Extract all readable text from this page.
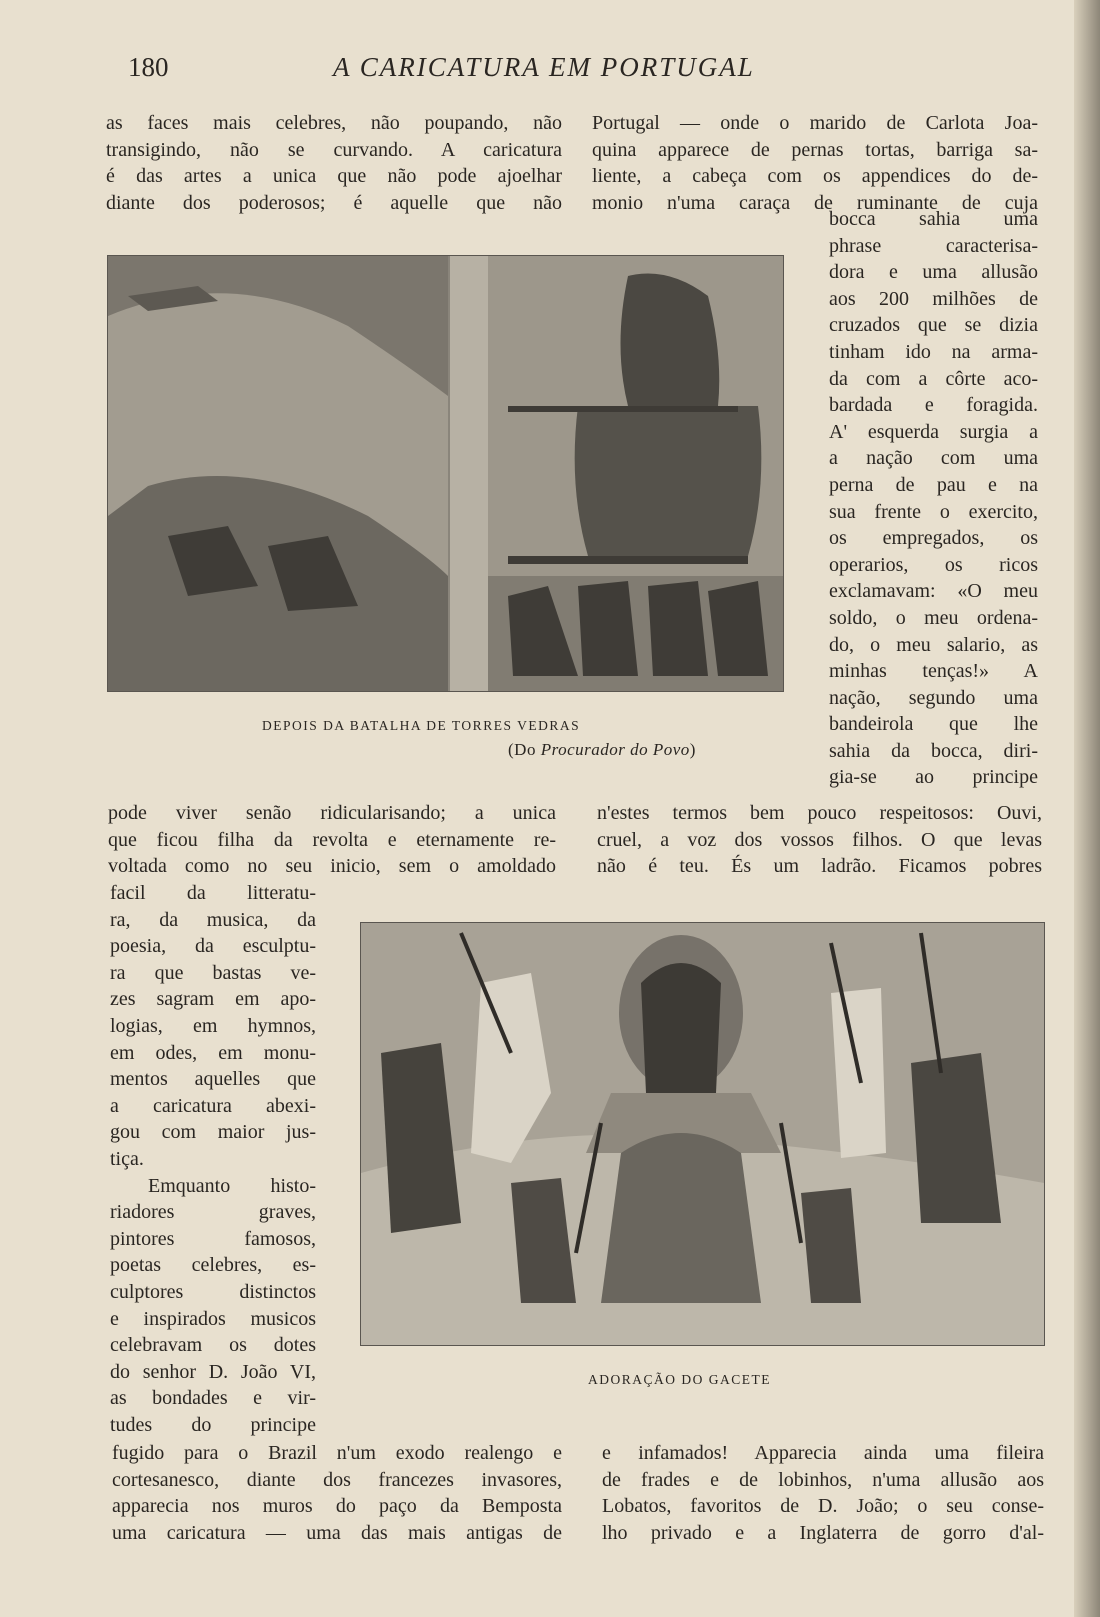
180	A CARICATURA EM PORTUGAL
as faces mais celebres, não poupando, não
transigindo, não se curvando. A caricatura
é das artes a unica que não pode ajoelhar
diante dos poderosos; é aquelle que não
Portugal — onde o marido de Carlota Joa-
quina apparece de pernas tortas, barriga sa-
liente, a cabeça com os appendices do de-
monio n'uma caraça de ruminante de cuja
bocca sahia uma
phrase caracterisa-
dora e uma allusão
aos 200 milhões de
cruzados que se dizia
tinham ido na arma-
da com a côrte aco-
bardada e foragida.
A' esquerda surgia a
a nação com uma
perna de pau e na
sua frente o exercito,
os empregados, os
operarios, os ricos
exclamavam: «O meu
soldo, o meu ordena-
do, o meu salario, as
minhas tenças!» A
nação, segundo uma
bandeirola que lhe
sahia da bocca, diri-
gia-se ao principe

DEPOIS DA BATALHA DE TORRES VEDRAS

(Do Procurador do Povo)

pode viver senão ridicularisando; a unica
que ficou filha da revolta e eternamente re-
voltada como no seu inicio, sem o amoldado
n'estes termos bem pouco respeitosos: Ouvi,
cruel, a voz dos vossos filhos. O que levas
não é teu. És um ladrão. Ficamos pobres
facil da litteratu-
ra, da musica, da
poesia, da esculptu-
ra que bastas ve-
zes sagram em apo-
logias, em hymnos,
em odes, em monu-
mentos aquelles que
a caricatura abexi-
gou com maior jus-
tiça.
Emquanto histo-
riadores graves,
pintores famosos,
poetas celebres, es-
culptores distinctos
e inspirados musicos
celebravam os dotes
do senhor D. João VI,
as bondades e vir-
tudes do principe

ADORAÇÃO DO GACETE

fugido para o Brazil n'um exodo realengo e
cortesanesco, diante dos francezes invasores,
apparecia nos muros do paço da Bemposta
uma caricatura — uma das mais antigas de
e infamados! Apparecia ainda uma fileira
de frades e de lobinhos, n'uma allusão aos
Lobatos, favoritos de D. João; o seu conse-
lho privado e a Inglaterra de gorro d'al-
